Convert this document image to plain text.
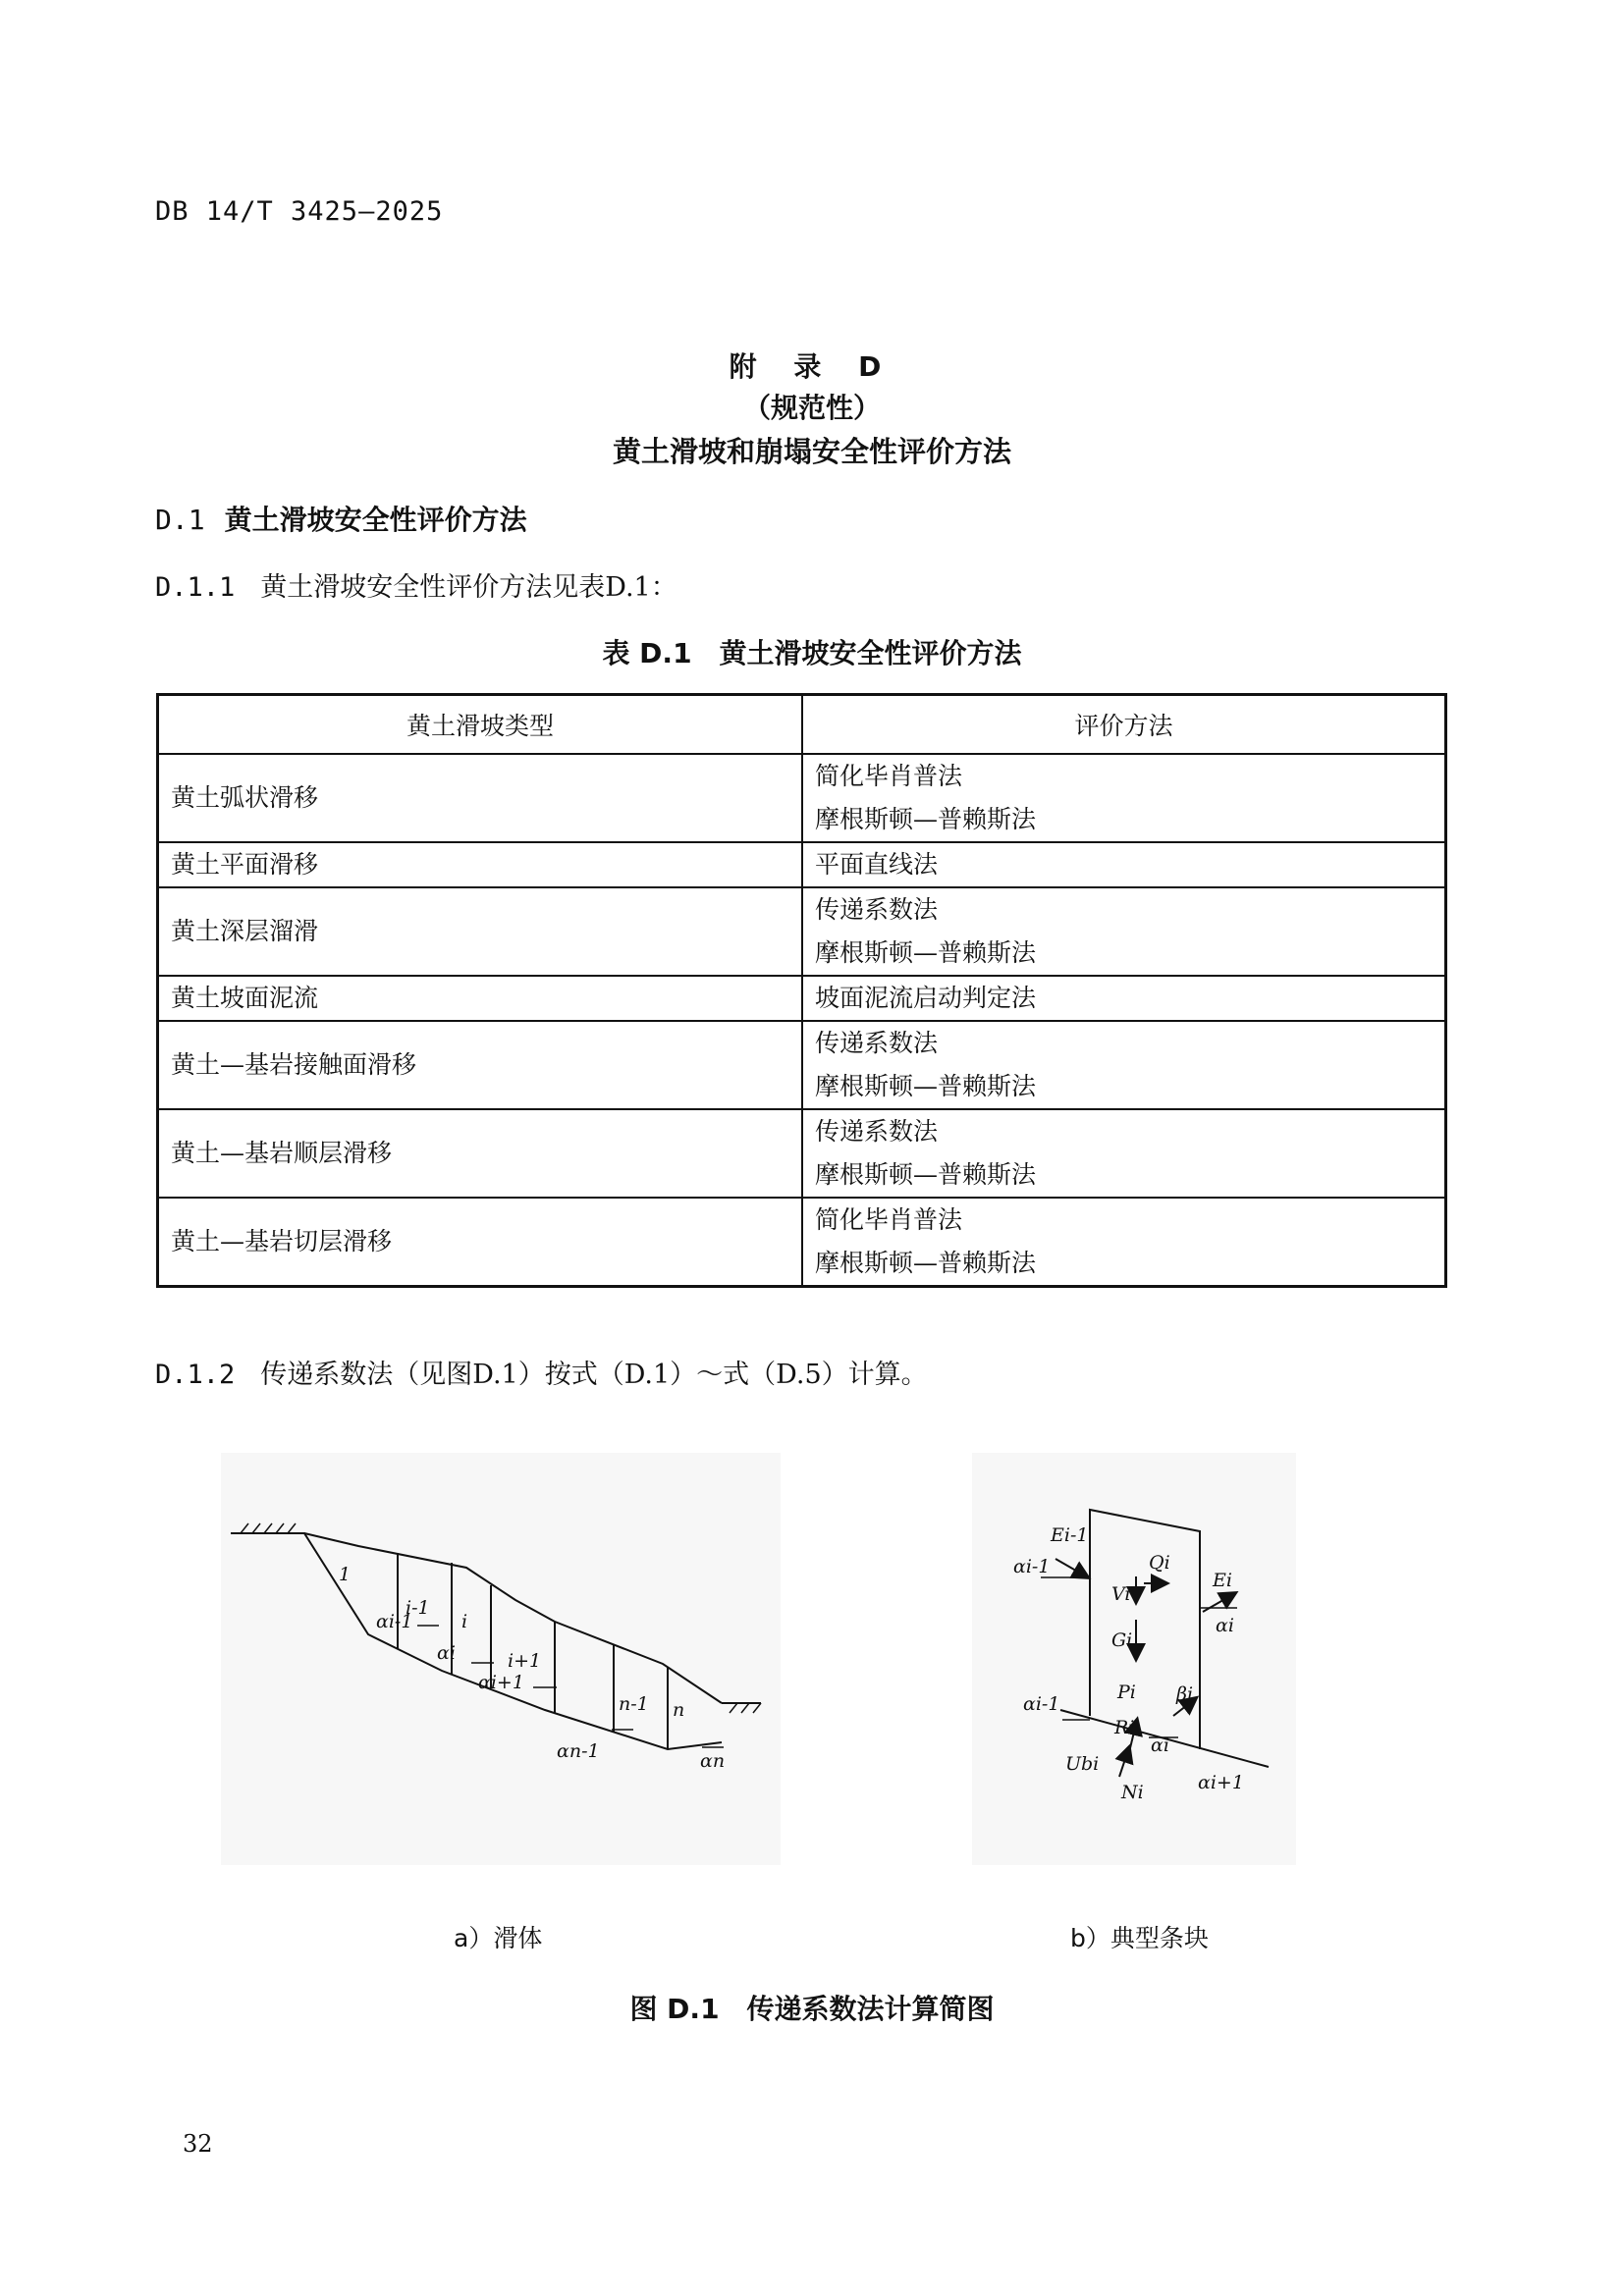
DB 14/T 3425—2025
附 录 D
（规范性）
黄土滑坡和崩塌安全性评价方法
D.1 黄土滑坡安全性评价方法
D.1.1 黄土滑坡安全性评价方法见表D.1：
表 D.1　黄土滑坡安全性评价方法
黄土滑坡类型	评价方法
黄土弧状滑移	简化毕肖普法
摩根斯顿—普赖斯法

黄土平面滑移	平面直线法

黄土深层溜滑	传递系数法
摩根斯顿—普赖斯法

黄土坡面泥流	坡面泥流启动判定法

黄土—基岩接触面滑移	传递系数法
摩根斯顿—普赖斯法

黄土—基岩顺层滑移	传递系数法
摩根斯顿—普赖斯法

黄土—基岩切层滑移	简化毕肖普法
摩根斯顿—普赖斯法
D.1.2 传递系数法（见图D.1）按式（D.1）～式（D.5）计算。
1
i-1
i
i+1
n-1 n
αi-1
αi
αi+1
αn-1	αn
Ei-1
αi-1	Qi
Vi
Ei
αi
Gi
Pi βi
αi-1
Ri
αi
Ubi
Ni	αi+1
a）滑体	b）典型条块
图 D.1　传递系数法计算简图
32
